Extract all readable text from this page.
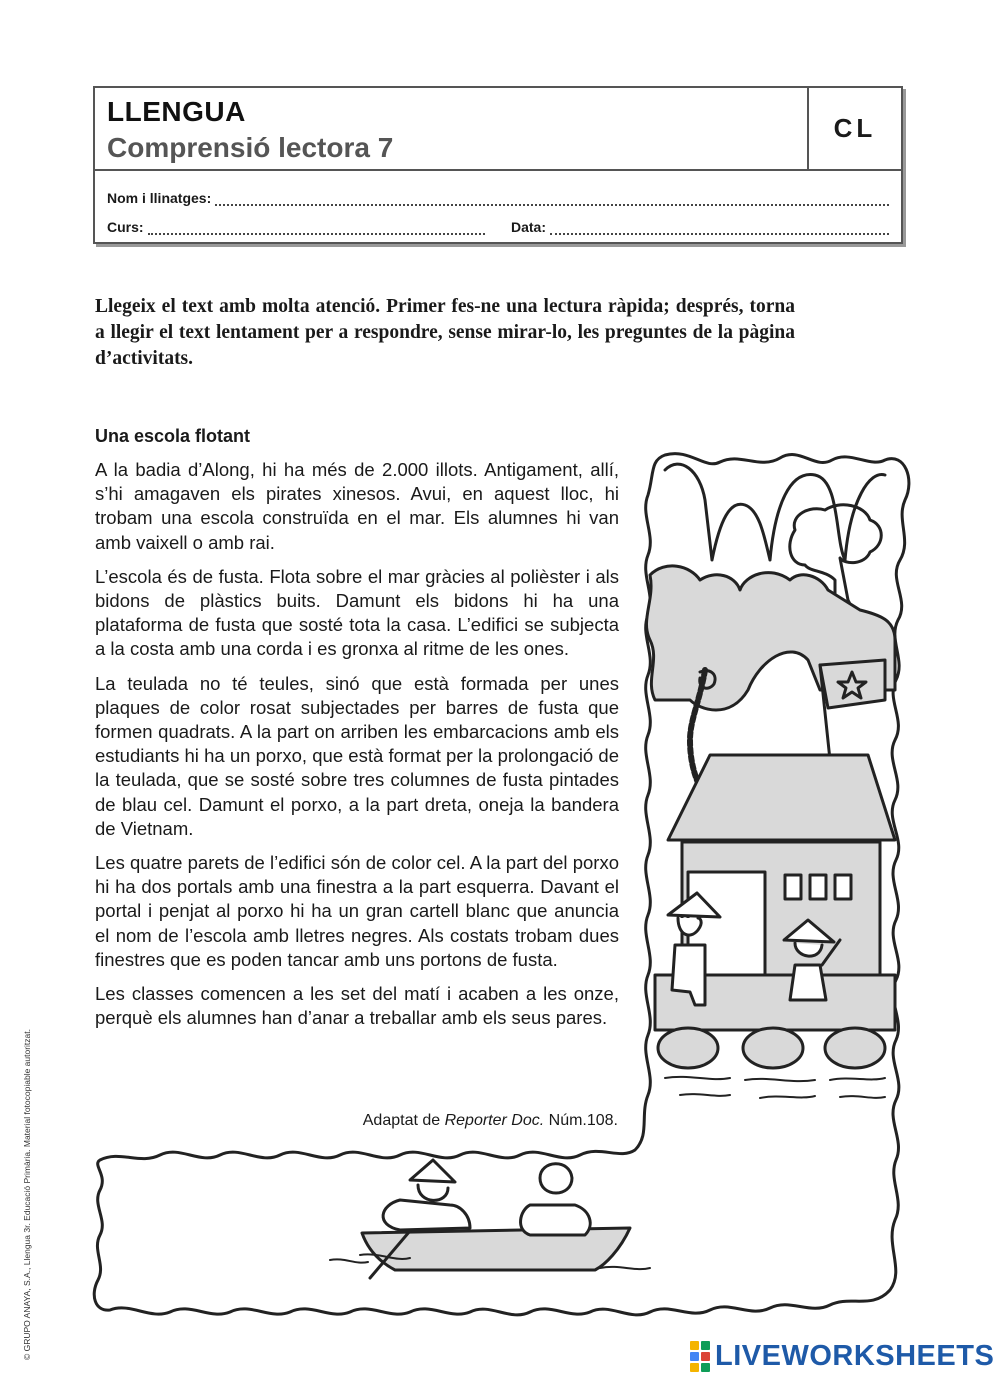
LLENGUA
Comprensió lectora 7
CL
Nom i llinatges:
Curs:	Data:
Llegeix el text amb molta atenció. Primer fes-ne una lectura ràpida; després, torna a llegir el text lentament per a respondre, sense mirar-lo, les preguntes de la pàgina d’activitats.
Una escola flotant

A la badia d’Along, hi ha més de 2.000 illots. Antigament, allí, s’hi amagaven els pirates xinesos. Avui, en aquest lloc, hi trobam una escola construïda en el mar. Els alumnes hi van amb vaixell o amb rai.

L’escola és de fusta. Flota sobre el mar gràcies al polièster i als bidons de plàstics buits. Damunt els bidons hi ha una plataforma de fusta que sosté tota la casa. L’edifici se subjecta a la costa amb una corda i es gronxa al ritme de les ones.

La teulada no té teules, sinó que està formada per unes plaques de color rosat subjectades per barres de fusta que formen quadrats. A la part on arriben les embarcacions amb els estudiants hi ha un porxo, que està format per la prolongació de la teulada, que se sosté sobre tres columnes de fusta pintades de blau cel. Damunt el porxo, a la part dreta, oneja la bandera de Vietnam.

Les quatre parets de l’edifici són de color cel. A la part del porxo hi ha dos portals amb una finestra a la part esquerra. Davant el portal i penjat al porxo hi ha un gran cartell blanc que anuncia el nom de l’escola amb lletres negres. Als costats trobam dues finestres que es poden tancar amb uns portons de fusta.

Les classes comencen a les set del matí i acaben a les onze, perquè els alumnes han d’anar a treballar amb els seus pares.

Adaptat de Reporter Doc. Núm.108.
© GRUPO ANAYA, S.A., Llengua 3r. Educació Primària. Material fotocopiable autoritzat.	LIVEWORKSHEETS
